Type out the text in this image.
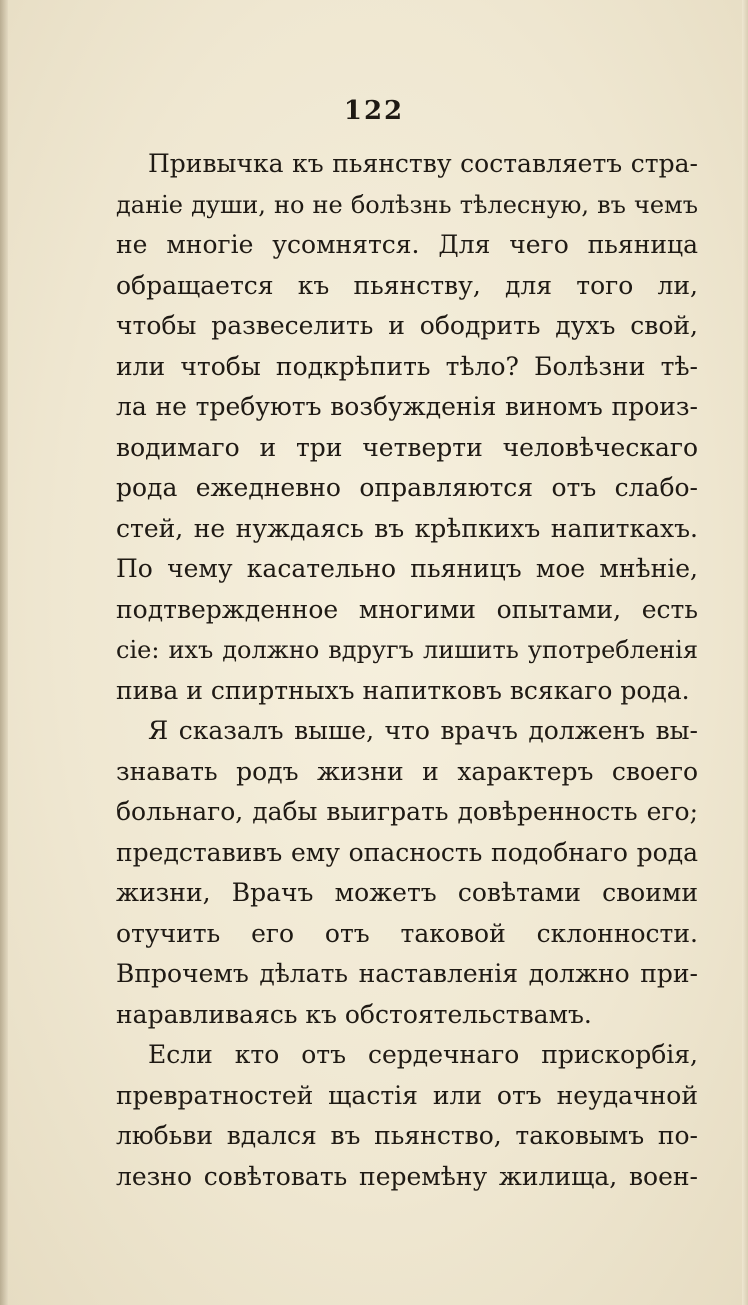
122
Привычка къ пьянству составляетъ стра-
даніе души, но не болѣзнь тѣлесную, въ чемъ
не многіе усомнятся. Для чего пьяница
обращается къ пьянству, для того ли,
чтобы развеселить и ободрить духъ свой,
или чтобы подкрѣпить тѣло? Болѣзни тѣ-
ла не требуютъ возбужденія виномъ произ-
водимаго и три четверти человѣческаго
рода ежедневно оправляются отъ слабо-
стей, не нуждаясь въ крѣпкихъ напиткахъ.
По чему касательно пьяницъ мое мнѣніе,
подтвержденное многими опытами, есть
сіе: ихъ должно вдругъ лишить употребленія
пива и спиртныхъ напитковъ всякаго рода.
Я сказалъ выше, что врачъ долженъ вы-
знавать родъ жизни и характеръ своего
больнаго, дабы выиграть довѣренность его;
представивъ ему опасность подобнаго рода
жизни, Врачъ можетъ совѣтами своими
отучить его отъ таковой склонности.
Впрочемъ дѣлать наставленія должно при-
наравливаясь къ обстоятельствамъ.
Если кто отъ сердечнаго прискорбія,
превратностей щастія или отъ неудачной
любьви вдался въ пьянство, таковымъ по-
лезно совѣтовать перемѣну жилища, воен-
